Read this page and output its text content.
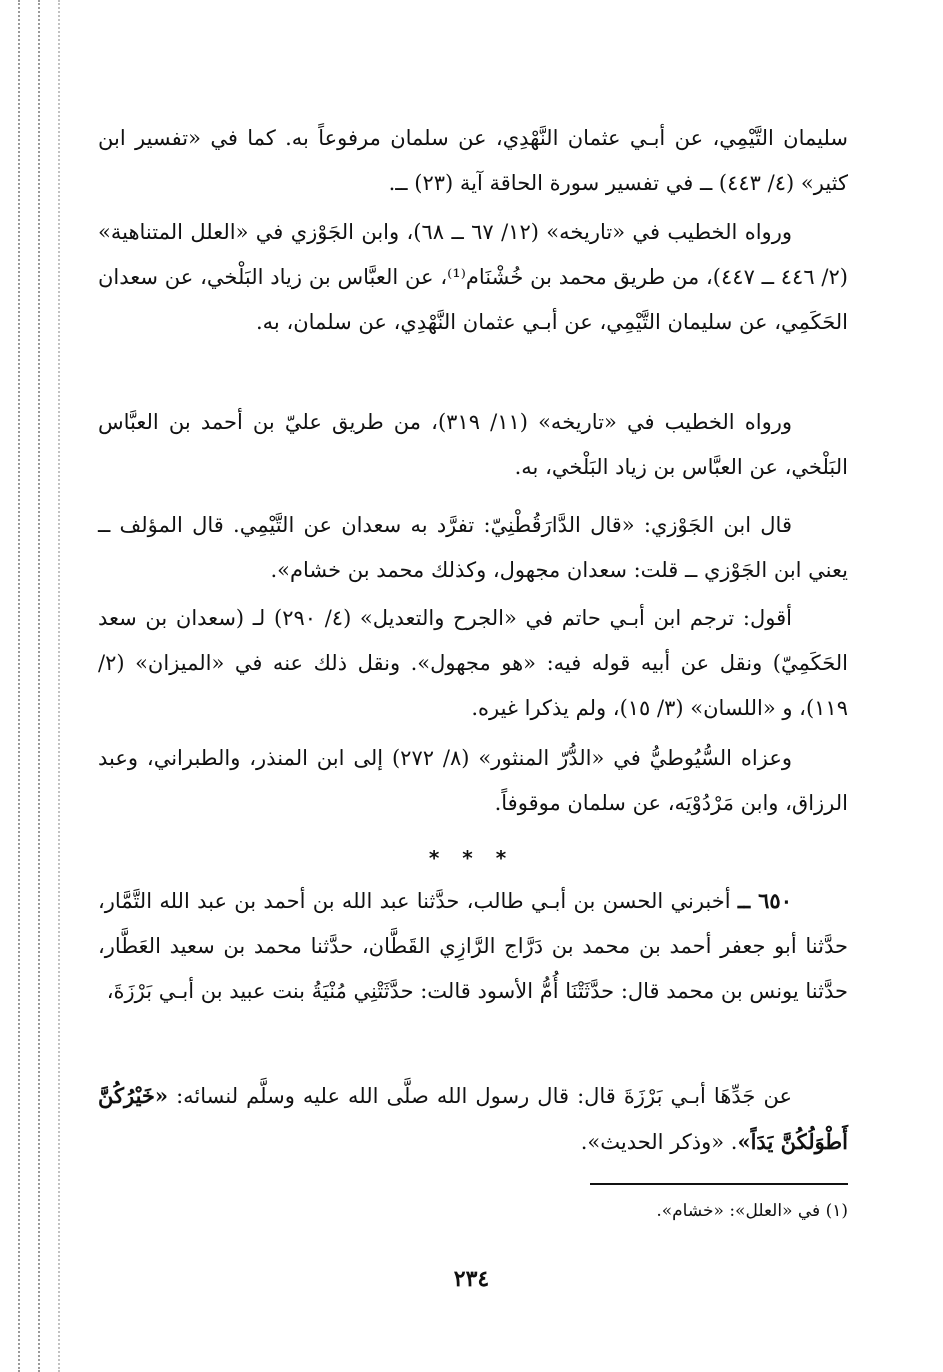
سليمان التَّيْمِي، عن أبـي عثمان النَّهْدِي، عن سلمان مرفوعاً به. كما في «تفسير ابن كثير» (٤/ ٤٤٣) ــ في تفسير سورة الحاقة آية (٢٣) ــ.

ورواه الخطيب في «تاريخه» (١٢/ ٦٧ ــ ٦٨)، وابن الجَوْزي في «العلل المتناهية» (٢/ ٤٤٦ ــ ٤٤٧)، من طريق محمد بن خُشْنَام⁽¹⁾، عن العبَّاس بن زياد البَلْخي، عن سعدان الحَكَمِي، عن سليمان التَّيْمِي، عن أبـي عثمان النَّهْدِي، عن سلمان، به.

ورواه الخطيب في «تاريخه» (١١/ ٣١٩)، من طريق عليّ بن أحمد بن العبَّاس البَلْخي، عن العبَّاس بن زياد البَلْخي، به.

قال ابن الجَوْزي: «قال الدَّارَقُطْنِيّ: تفرَّد به سعدان عن التَّيْمِي. قال المؤلف ــ يعني ابن الجَوْزي ــ قلت: سعدان مجهول، وكذلك محمد بن خشام».

أقول: ترجم ابن أبـي حاتم في «الجرح والتعديل» (٤/ ٢٩٠) لـ (سعدان بن سعد الحَكَمِيّ) ونقل عن أبيه قوله فيه: «هو مجهول». ونقل ذلك عنه في «الميزان» (٢/ ١١٩)، و «اللسان» (٣/ ١٥)، ولم يذكرا غيره.

وعزاه السُّيُوطيُّ في «الدُّرّ المنثور» (٨/ ٢٧٢) إلى ابن المنذر، والطبراني، وعبد الرزاق، وابن مَرْدُوْيَه، عن سلمان موقوفاً.

* * *

٦٥٠ ــ أخبرني الحسن بن أبـي طالب، حدَّثنا عبد الله بن أحمد بن عبد الله التَّمَّار، حدَّثنا أبو جعفر أحمد بن محمد بن دَرَّاج الرَّازِي القَطَّان، حدَّثنا محمد بن سعيد العَطَّار، حدَّثنا يونس بن محمد قال: حدَّثَتْنَا أُمُّ الأسود قالت: حدَّثَتْنِي مُنْيَةُ بنت عبيد بن أبـي بَرْزَةَ،

عن جَدِّهَا أبـي بَرْزَةَ قال: قال رسول الله صلَّى الله عليه وسلَّم لنسائه: «خَيْرُكُنَّ أَطْوَلُكُنَّ يَدَاً». «وذكر الحديث».

(١) في «العلل»: «خشام».
٢٣٤
